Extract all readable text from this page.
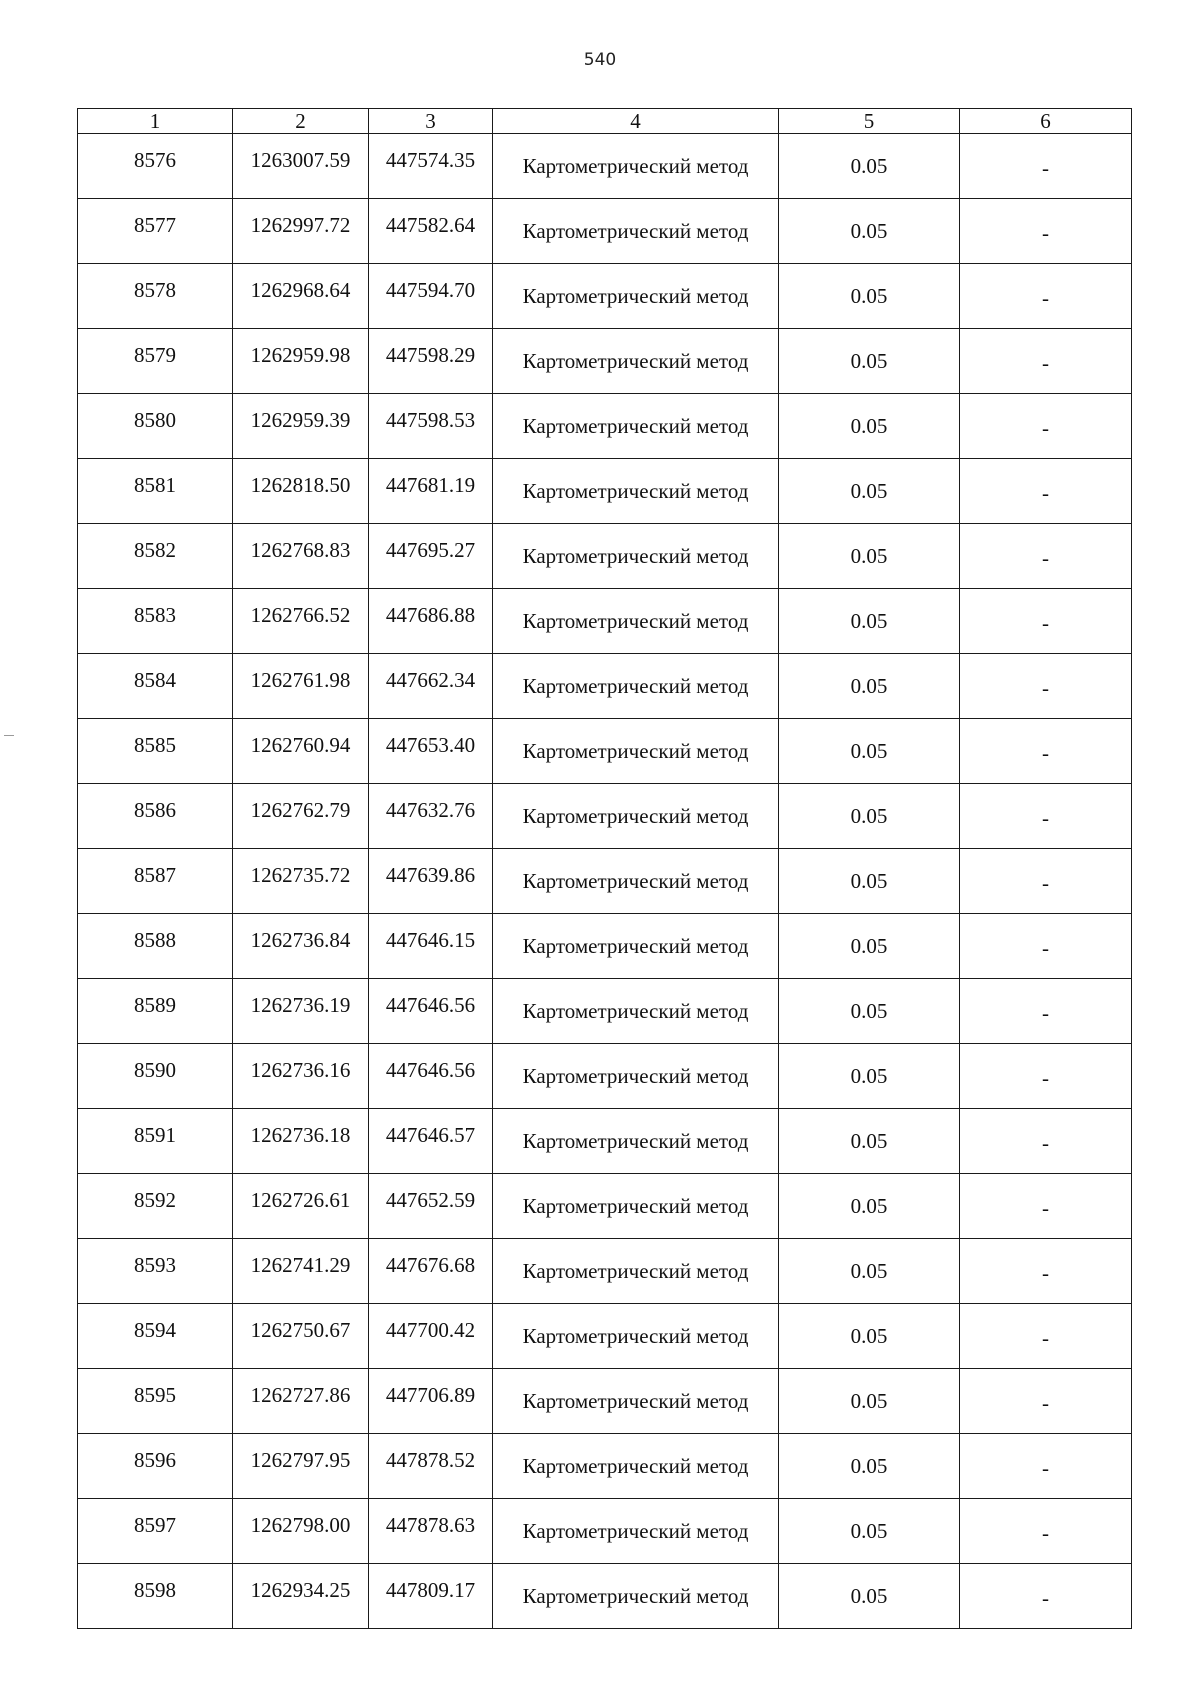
540
1	2	3	4	5	6
8576	1263007.59	447574.35	Картометрический метод	0.05	-
8577	1262997.72	447582.64	Картометрический метод	0.05	-
8578	1262968.64	447594.70	Картометрический метод	0.05	-
8579	1262959.98	447598.29	Картометрический метод	0.05	-
8580	1262959.39	447598.53	Картометрический метод	0.05	-
8581	1262818.50	447681.19	Картометрический метод	0.05	-
8582	1262768.83	447695.27	Картометрический метод	0.05	-
8583	1262766.52	447686.88	Картометрический метод	0.05	-
8584	1262761.98	447662.34	Картометрический метод	0.05	-
8585	1262760.94	447653.40	Картометрический метод	0.05	-
8586	1262762.79	447632.76	Картометрический метод	0.05	-
8587	1262735.72	447639.86	Картометрический метод	0.05	-
8588	1262736.84	447646.15	Картометрический метод	0.05	-
8589	1262736.19	447646.56	Картометрический метод	0.05	-
8590	1262736.16	447646.56	Картометрический метод	0.05	-
8591	1262736.18	447646.57	Картометрический метод	0.05	-
8592	1262726.61	447652.59	Картометрический метод	0.05	-
8593	1262741.29	447676.68	Картометрический метод	0.05	-
8594	1262750.67	447700.42	Картометрический метод	0.05	-
8595	1262727.86	447706.89	Картометрический метод	0.05	-
8596	1262797.95	447878.52	Картометрический метод	0.05	-
8597	1262798.00	447878.63	Картометрический метод	0.05	-
8598	1262934.25	447809.17	Картометрический метод	0.05	-
